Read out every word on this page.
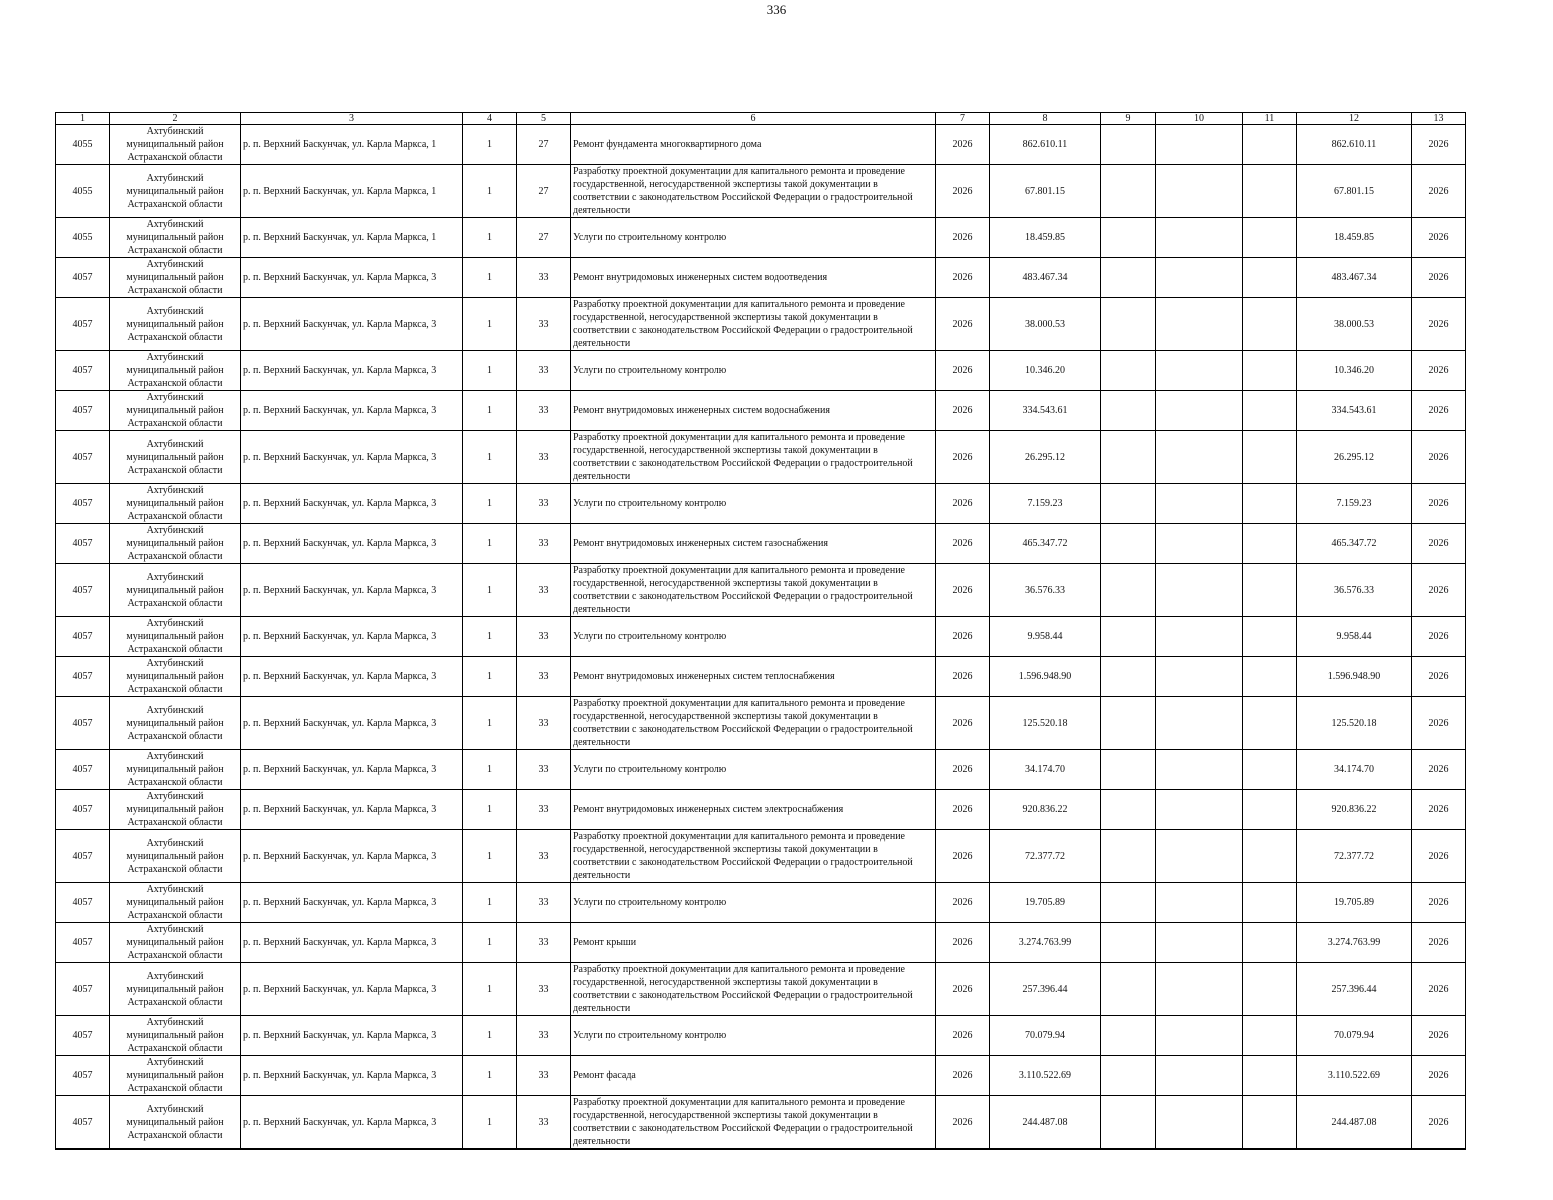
336
1	2	3	4	5	6	7	8	9	10	11	12	13
4055	Ахтубинский муниципальный район Астраханской области	р. п. Верхний Баскунчак, ул. Карла Маркса, 1	1	27	Ремонт фундамента многоквартирного дома	2026	862.610.11				862.610.11	2026
4055	Ахтубинский муниципальный район Астраханской области	р. п. Верхний Баскунчак, ул. Карла Маркса, 1	1	27	Разработку проектной документации для капитального ремонта и проведение государственной, негосударственной экспертизы такой документации в соответствии с законодательством Российской Федерации о градостроительной деятельности	2026	67.801.15				67.801.15	2026
4055	Ахтубинский муниципальный район Астраханской области	р. п. Верхний Баскунчак, ул. Карла Маркса, 1	1	27	Услуги по строительному контролю	2026	18.459.85				18.459.85	2026
4057	Ахтубинский муниципальный район Астраханской области	р. п. Верхний Баскунчак, ул. Карла Маркса, 3	1	33	Ремонт внутридомовых инженерных систем водоотведения	2026	483.467.34				483.467.34	2026
4057	Ахтубинский муниципальный район Астраханской области	р. п. Верхний Баскунчак, ул. Карла Маркса, 3	1	33	Разработку проектной документации для капитального ремонта и проведение государственной, негосударственной экспертизы такой документации в соответствии с законодательством Российской Федерации о градостроительной деятельности	2026	38.000.53				38.000.53	2026
4057	Ахтубинский муниципальный район Астраханской области	р. п. Верхний Баскунчак, ул. Карла Маркса, 3	1	33	Услуги по строительному контролю	2026	10.346.20				10.346.20	2026
4057	Ахтубинский муниципальный район Астраханской области	р. п. Верхний Баскунчак, ул. Карла Маркса, 3	1	33	Ремонт внутридомовых инженерных систем водоснабжения	2026	334.543.61				334.543.61	2026
4057	Ахтубинский муниципальный район Астраханской области	р. п. Верхний Баскунчак, ул. Карла Маркса, 3	1	33	Разработку проектной документации для капитального ремонта и проведение государственной, негосударственной экспертизы такой документации в соответствии с законодательством Российской Федерации о градостроительной деятельности	2026	26.295.12				26.295.12	2026
4057	Ахтубинский муниципальный район Астраханской области	р. п. Верхний Баскунчак, ул. Карла Маркса, 3	1	33	Услуги по строительному контролю	2026	7.159.23				7.159.23	2026
4057	Ахтубинский муниципальный район Астраханской области	р. п. Верхний Баскунчак, ул. Карла Маркса, 3	1	33	Ремонт внутридомовых инженерных систем газоснабжения	2026	465.347.72				465.347.72	2026
4057	Ахтубинский муниципальный район Астраханской области	р. п. Верхний Баскунчак, ул. Карла Маркса, 3	1	33	Разработку проектной документации для капитального ремонта и проведение государственной, негосударственной экспертизы такой документации в соответствии с законодательством Российской Федерации о градостроительной деятельности	2026	36.576.33				36.576.33	2026
4057	Ахтубинский муниципальный район Астраханской области	р. п. Верхний Баскунчак, ул. Карла Маркса, 3	1	33	Услуги по строительному контролю	2026	9.958.44				9.958.44	2026
4057	Ахтубинский муниципальный район Астраханской области	р. п. Верхний Баскунчак, ул. Карла Маркса, 3	1	33	Ремонт внутридомовых инженерных систем теплоснабжения	2026	1.596.948.90				1.596.948.90	2026
4057	Ахтубинский муниципальный район Астраханской области	р. п. Верхний Баскунчак, ул. Карла Маркса, 3	1	33	Разработку проектной документации для капитального ремонта и проведение государственной, негосударственной экспертизы такой документации в соответствии с законодательством Российской Федерации о градостроительной деятельности	2026	125.520.18				125.520.18	2026
4057	Ахтубинский муниципальный район Астраханской области	р. п. Верхний Баскунчак, ул. Карла Маркса, 3	1	33	Услуги по строительному контролю	2026	34.174.70				34.174.70	2026
4057	Ахтубинский муниципальный район Астраханской области	р. п. Верхний Баскунчак, ул. Карла Маркса, 3	1	33	Ремонт внутридомовых инженерных систем электроснабжения	2026	920.836.22				920.836.22	2026
4057	Ахтубинский муниципальный район Астраханской области	р. п. Верхний Баскунчак, ул. Карла Маркса, 3	1	33	Разработку проектной документации для капитального ремонта и проведение государственной, негосударственной экспертизы такой документации в соответствии с законодательством Российской Федерации о градостроительной деятельности	2026	72.377.72				72.377.72	2026
4057	Ахтубинский муниципальный район Астраханской области	р. п. Верхний Баскунчак, ул. Карла Маркса, 3	1	33	Услуги по строительному контролю	2026	19.705.89				19.705.89	2026
4057	Ахтубинский муниципальный район Астраханской области	р. п. Верхний Баскунчак, ул. Карла Маркса, 3	1	33	Ремонт крыши	2026	3.274.763.99				3.274.763.99	2026
4057	Ахтубинский муниципальный район Астраханской области	р. п. Верхний Баскунчак, ул. Карла Маркса, 3	1	33	Разработку проектной документации для капитального ремонта и проведение государственной, негосударственной экспертизы такой документации в соответствии с законодательством Российской Федерации о градостроительной деятельности	2026	257.396.44				257.396.44	2026
4057	Ахтубинский муниципальный район Астраханской области	р. п. Верхний Баскунчак, ул. Карла Маркса, 3	1	33	Услуги по строительному контролю	2026	70.079.94				70.079.94	2026
4057	Ахтубинский муниципальный район Астраханской области	р. п. Верхний Баскунчак, ул. Карла Маркса, 3	1	33	Ремонт фасада	2026	3.110.522.69				3.110.522.69	2026
4057	Ахтубинский муниципальный район Астраханской области	р. п. Верхний Баскунчак, ул. Карла Маркса, 3	1	33	Разработку проектной документации для капитального ремонта и проведение государственной, негосударственной экспертизы такой документации в соответствии с законодательством Российской Федерации о градостроительной деятельности	2026	244.487.08				244.487.08	2026
